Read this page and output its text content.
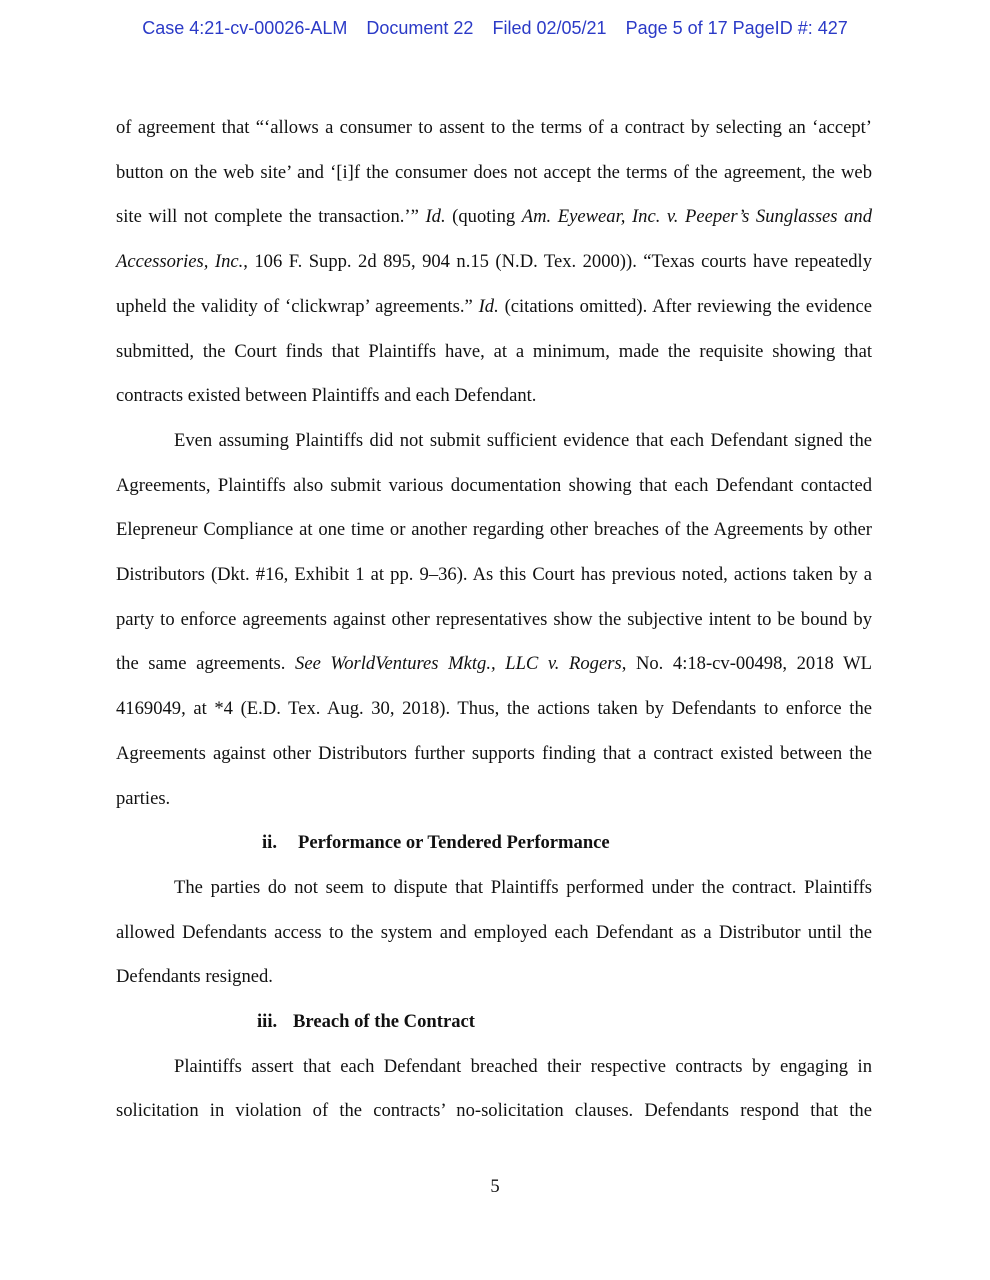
Case 4:21-cv-00026-ALM Document 22 Filed 02/05/21 Page 5 of 17 PageID #: 427

of agreement that “‘allows a consumer to assent to the terms of a contract by selecting an ‘accept’ button on the web site’ and ‘[i]f the consumer does not accept the terms of the agreement, the web site will not complete the transaction.’” Id. (quoting Am. Eyewear, Inc. v. Peeper’s Sunglasses and Accessories, Inc., 106 F. Supp. 2d 895, 904 n.15 (N.D. Tex. 2000)). “Texas courts have repeatedly upheld the validity of ‘clickwrap’ agreements.” Id. (citations omitted). After reviewing the evidence submitted, the Court finds that Plaintiffs have, at a minimum, made the requisite showing that contracts existed between Plaintiffs and each Defendant.

Even assuming Plaintiffs did not submit sufficient evidence that each Defendant signed the Agreements, Plaintiffs also submit various documentation showing that each Defendant contacted Elepreneur Compliance at one time or another regarding other breaches of the Agreements by other Distributors (Dkt. #16, Exhibit 1 at pp. 9–36). As this Court has previous noted, actions taken by a party to enforce agreements against other representatives show the subjective intent to be bound by the same agreements. See WorldVentures Mktg., LLC v. Rogers, No. 4:18-cv-00498, 2018 WL 4169049, at *4 (E.D. Tex. Aug. 30, 2018). Thus, the actions taken by Defendants to enforce the Agreements against other Distributors further supports finding that a contract existed between the parties.

ii. Performance or Tendered Performance

The parties do not seem to dispute that Plaintiffs performed under the contract. Plaintiffs allowed Defendants access to the system and employed each Defendant as a Distributor until the Defendants resigned.

iii. Breach of the Contract

Plaintiffs assert that each Defendant breached their respective contracts by engaging in solicitation in violation of the contracts’ no-solicitation clauses. Defendants respond that the

5
